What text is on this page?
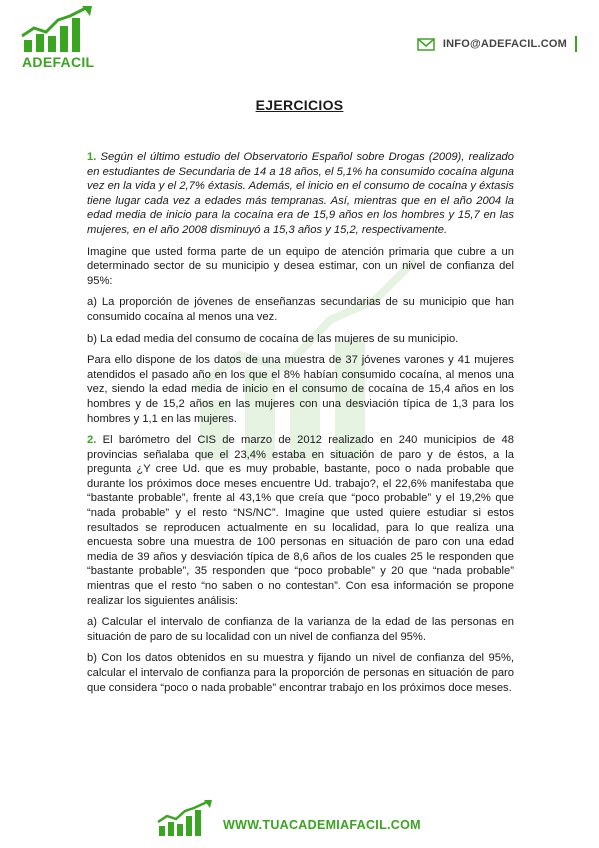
ADEFACIL
INFO@ADEFACIL.COM
EJERCICIOS

1. Según el último estudio del Observatorio Español sobre Drogas (2009), realizado en estudiantes de Secundaria de 14 a 18 años, el 5,1% ha consumido cocaína alguna vez en la vida y el 2,7% éxtasis. Además, el inicio en el consumo de cocaína y éxtasis tiene lugar cada vez a edades más tempranas. Así, mientras que en el año 2004 la edad media de inicio para la cocaína era de 15,9 años en los hombres y 15,7 en las mujeres, en el año 2008 disminuyó a 15,3 años y 15,2, respectivamente.

Imagine que usted forma parte de un equipo de atención primaria que cubre a un determinado sector de su municipio y desea estimar, con un nivel de confianza del 95%:

a) La proporción de jóvenes de enseñanzas secundarias de su municipio que han consumido cocaína al menos una vez.

b) La edad media del consumo de cocaína de las mujeres de su municipio.

Para ello dispone de los datos de una muestra de 37 jóvenes varones y 41 mujeres atendidos el pasado año en los que el 8% habían consumido cocaína, al menos una vez, siendo la edad media de inicio en el consumo de cocaína de 15,4 años en los hombres y de 15,2 años en las mujeres con una desviación típica de 1,3 para los hombres y 1,1 en las mujeres.

2. El barómetro del CIS de marzo de 2012 realizado en 240 municipios de 48 provincias señalaba que el 23,4% estaba en situación de paro y de éstos, a la pregunta ¿Y cree Ud. que es muy probable, bastante, poco o nada probable que durante los próximos doce meses encuentre Ud. trabajo?, el 22,6% manifestaba que “bastante probable”, frente al 43,1% que creía que “poco probable” y el 19,2% que “nada probable” y el resto “NS/NC”. Imagine que usted quiere estudiar si estos resultados se reproducen actualmente en su localidad, para lo que realiza una encuesta sobre una muestra de 100 personas en situación de paro con una edad media de 39 años y desviación típica de 8,6 años de los cuales 25 le responden que “bastante probable”, 35 responden que “poco probable” y 20 que “nada probable” mientras que el resto “no saben o no contestan”. Con esa información se propone realizar los siguientes análisis:

a) Calcular el intervalo de confianza de la varianza de la edad de las personas en situación de paro de su localidad con un nivel de confianza del 95%.

b) Con los datos obtenidos en su muestra y fijando un nivel de confianza del 95%, calcular el intervalo de confianza para la proporción de personas en situación de paro que considera “poco o nada probable” encontrar trabajo en los próximos doce meses.

WWW.TUACADEMIAFACIL.COM
